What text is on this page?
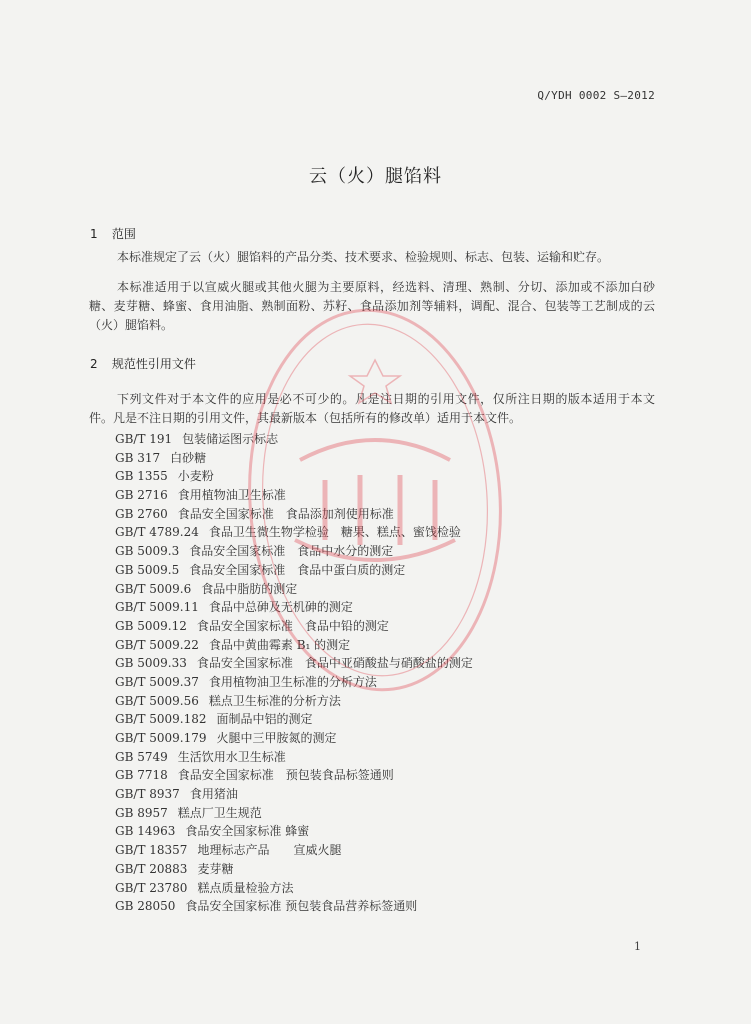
Q/YDH 0002 S—2012
云（火）腿馅料
1 范围

本标准规定了云（火）腿馅料的产品分类、技术要求、检验规则、标志、包装、运输和贮存。

本标准适用于以宣威火腿或其他火腿为主要原料，经选料、清理、熟制、分切、添加或不添加白砂糖、麦芽糖、蜂蜜、食用油脂、熟制面粉、苏籽、食品添加剂等辅料，调配、混合、包装等工艺制成的云（火）腿馅料。

2 规范性引用文件

下列文件对于本文件的应用是必不可少的。凡是注日期的引用文件，仅所注日期的版本适用于本文件。凡是不注日期的引用文件，其最新版本（包括所有的修改单）适用于本文件。

GB/T 191 包装储运图示标志
GB 317 白砂糖
GB 1355 小麦粉
GB 2716 食用植物油卫生标准
GB 2760 食品安全国家标准　食品添加剂使用标准
GB/T 4789.24 食品卫生微生物学检验　糖果、糕点、蜜饯检验
GB 5009.3 食品安全国家标准　食品中水分的测定
GB 5009.5 食品安全国家标准　食品中蛋白质的测定
GB/T 5009.6 食品中脂肪的测定
GB/T 5009.11 食品中总砷及无机砷的测定
GB 5009.12 食品安全国家标准　食品中铅的测定
GB/T 5009.22 食品中黄曲霉素 B₁ 的测定
GB 5009.33 食品安全国家标准　食品中亚硝酸盐与硝酸盐的测定
GB/T 5009.37 食用植物油卫生标准的分析方法
GB/T 5009.56 糕点卫生标准的分析方法
GB/T 5009.182 面制品中铝的测定
GB/T 5009.179 火腿中三甲胺氮的测定
GB 5749 生活饮用水卫生标准
GB 7718 食品安全国家标准　预包装食品标签通则
GB/T 8937 食用猪油
GB 8957 糕点厂卫生规范
GB 14963 食品安全国家标准 蜂蜜
GB/T 18357 地理标志产品　　宣威火腿
GB/T 20883 麦芽糖
GB/T 23780 糕点质量检验方法
GB 28050 食品安全国家标准 预包装食品营养标签通则
1
